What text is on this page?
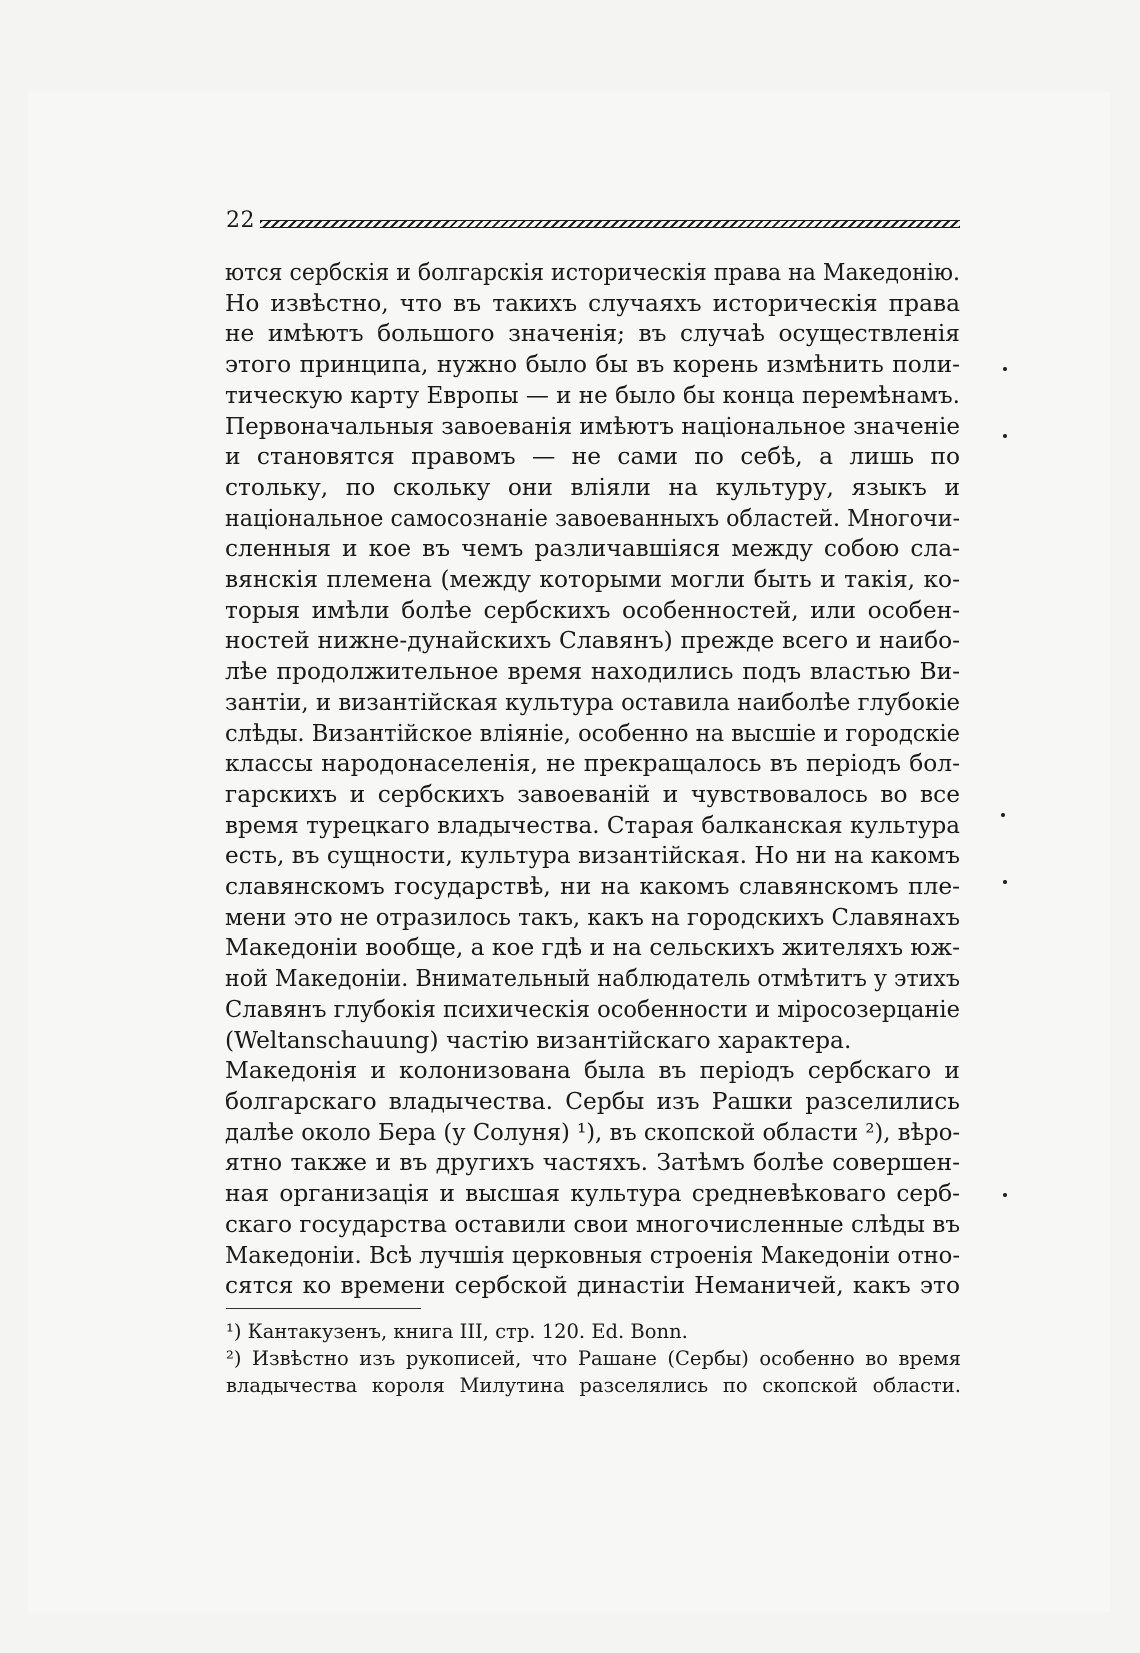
22
ются сербскія и болгарскія историческія права на Македонію.
Но извѣстно, что въ такихъ случаяхъ историческія права
не имѣютъ большого значенія; въ случаѣ осуществленія
этого принципа, нужно было бы въ корень измѣнить поли-
тическую карту Европы — и не было бы конца перемѣнамъ.
Первоначальныя завоеванія имѣютъ національное значеніе
и становятся правомъ — не сами по себѣ, а лишь по
стольку, по скольку они вліяли на культуру, языкъ и
національное самосознаніе завоеванныхъ областей. Многочи-
сленныя и кое въ чемъ различавшіяся между собою сла-
вянскія племена (между которыми могли быть и такія, ко-
торыя имѣли болѣе сербскихъ особенностей, или особен-
ностей нижне-дунайскихъ Славянъ) прежде всего и наибо-
лѣе продолжительное время находились подъ властью Ви-
зантіи, и византійская культура оставила наиболѣе глубокіе
слѣды. Византійское вліяніе, особенно на высшіе и городскіе
классы народонаселенія, не прекращалось въ періодъ бол-
гарскихъ и сербскихъ завоеваній и чувствовалось во все
время турецкаго владычества. Старая балканская культура
есть, въ сущности, культура византійская. Но ни на какомъ
славянскомъ государствѣ, ни на какомъ славянскомъ пле-
мени это не отразилось такъ, какъ на городскихъ Славянахъ
Македоніи вообще, а кое гдѣ и на сельскихъ жителяхъ юж-
ной Македоніи. Внимательный наблюдатель отмѣтитъ у этихъ
Славянъ глубокія психическія особенности и міросозерцаніе
(Weltanschauung) частію византійскаго характера.
Македонія и колонизована была въ періодъ сербскаго и
болгарскаго владычества. Сербы изъ Рашки разселились
далѣе около Бера (у Солуня) ¹), въ скопской области ²), вѣро-
ятно также и въ другихъ частяхъ. Затѣмъ болѣе совершен-
ная организація и высшая культура средневѣковаго серб-
скаго государства оставили свои многочисленные слѣды въ
Македоніи. Всѣ лучшія церковныя строенія Македоніи отно-
сятся ко времени сербской династіи Неманичей, какъ это
¹) Кантакузенъ, книга III, стр. 120. Ed. Bonn.
²) Извѣстно изъ рукописей, что Рашане (Сербы) особенно во время
владычества короля Милутина разселялись по скопской области.
